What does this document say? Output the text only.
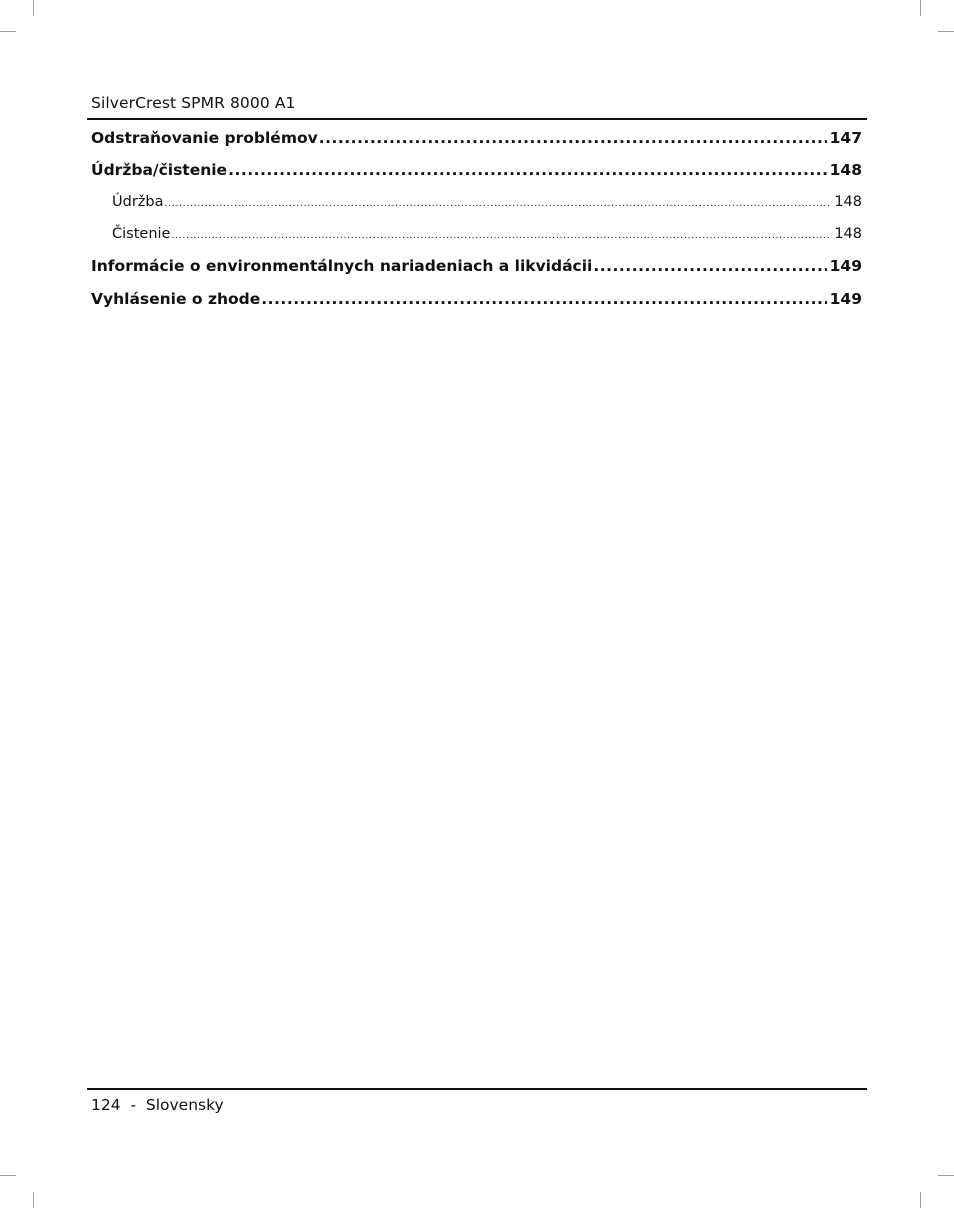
SilverCrest SPMR 8000 A1
Odstraňovanie problémov .....	147
Údržba/čistenie .....	148
Údržba .....	148
Čistenie .....	148
Informácie o environmentálnych nariadeniach a likvidácii .....	149
Vyhlásenie o zhode .....	149
124  -  Slovensky
